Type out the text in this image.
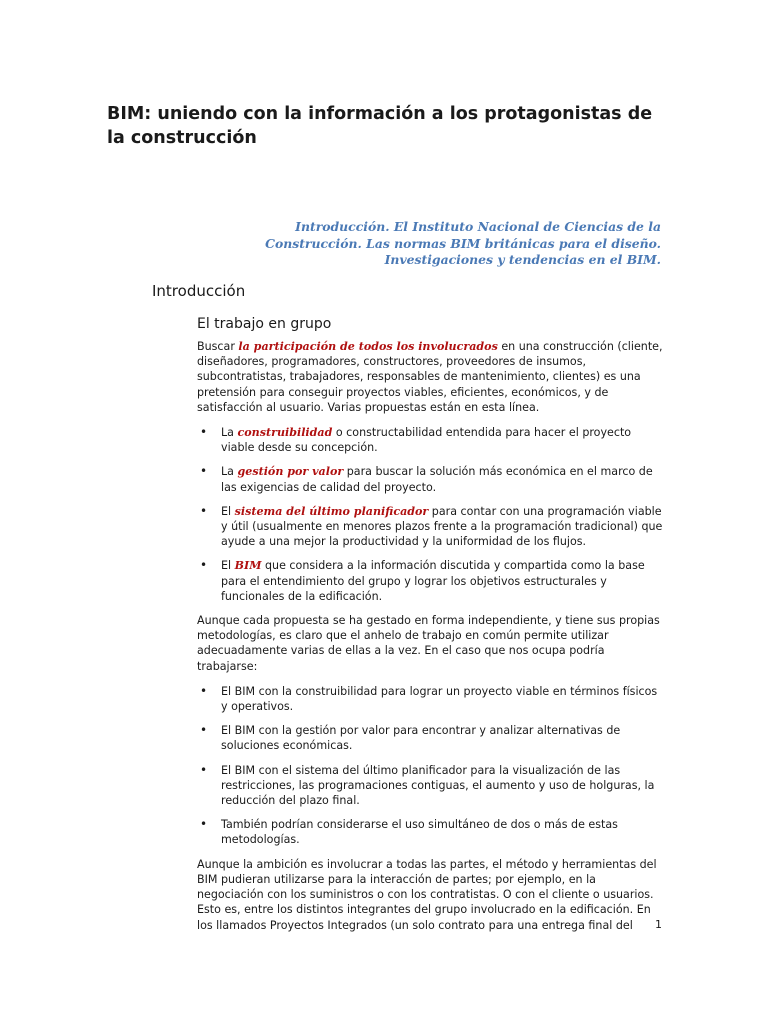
BIM: uniendo con la información a los protagonistas de la construcción

Introducción. El Instituto Nacional de Ciencias de la Construcción. Las normas BIM británicas para el diseño. Investigaciones y tendencias en el BIM.

Introducción
El trabajo en grupo

Buscar la participación de todos los involucrados en una construcción (cliente, diseñadores, programadores, constructores, proveedores de insumos, subcontratistas, trabajadores, responsables de mantenimiento, clientes) es una pretensión para conseguir proyectos viables, eficientes, económicos, y de satisfacción al usuario. Varias propuestas están en esta línea.

• La construibilidad o constructabilidad entendida para hacer el proyecto viable desde su concepción.
• La gestión por valor para buscar la solución más económica en el marco de las exigencias de calidad del proyecto.
• El sistema del último planificador para contar con una programación viable y útil (usualmente en menores plazos frente a la programación tradicional) que ayude a una mejor la productividad y la uniformidad de los flujos.
• El BIM que considera a la información discutida y compartida como la base para el entendimiento del grupo y lograr los objetivos estructurales y funcionales de la edificación.

Aunque cada propuesta se ha gestado en forma independiente, y tiene sus propias metodologías, es claro que el anhelo de trabajo en común permite utilizar adecuadamente varias de ellas a la vez. En el caso que nos ocupa podría trabajarse:

• El BIM con la construibilidad para lograr un proyecto viable en términos físicos y operativos.
• El BIM con la gestión por valor para encontrar y analizar alternativas de soluciones económicas.
• El BIM con el sistema del último planificador para la visualización de las restricciones, las programaciones contiguas, el aumento y uso de holguras, la reducción del plazo final.
• También podrían considerarse el uso simultáneo de dos o más de estas metodologías.

Aunque la ambición es involucrar a todas las partes, el método y herramientas del BIM pudieran utilizarse para la interacción de partes; por ejemplo, en la negociación con los suministros o con los contratistas. O con el cliente o usuarios. Esto es, entre los distintos integrantes del grupo involucrado en la edificación. En los llamados Proyectos Integrados (un solo contrato para una entrega final del	1
